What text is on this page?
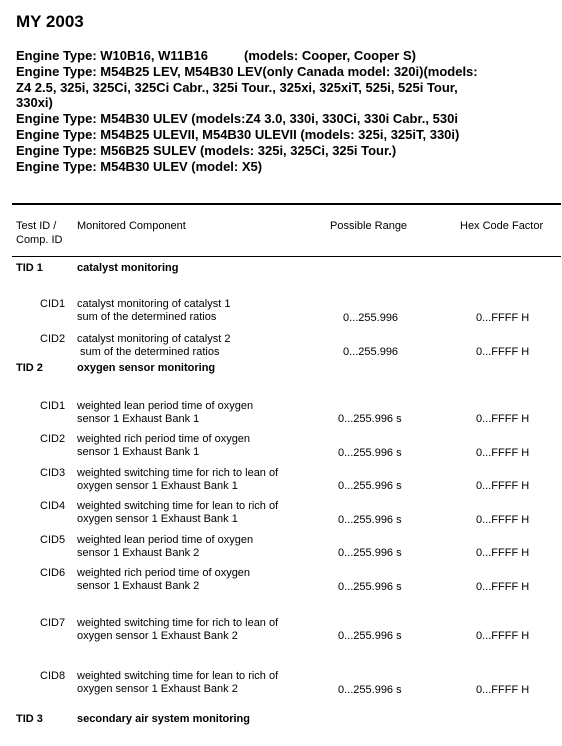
MY 2003
Engine Type: W10B16, W11B16          (models: Cooper, Cooper S)
Engine Type: M54B25 LEV, M54B30 LEV(only Canada model: 320i)(models:
Z4 2.5, 325i, 325Ci, 325Ci Cabr., 325i Tour., 325xi, 325xiT, 525i, 525i Tour,
330xi)
Engine Type: M54B30 ULEV (models:Z4 3.0, 330i, 330Ci, 330i Cabr., 530i
Engine Type: M54B25 ULEVII, M54B30 ULEVII (models: 325i, 325iT, 330i)
Engine Type: M56B25 SULEV (models: 325i, 325Ci, 325i Tour.)
Engine Type: M54B30 ULEV (model: X5)
Test ID /
Comp. ID
Monitored Component	Possible Range	Hex Code Factor
TID 1	catalyst monitoring
CID1 catalyst monitoring of catalyst 1
sum of the determined ratios	0...255.996	0...FFFF H
CID2 catalyst monitoring of catalyst 2
sum of the determined ratios	0...255.996	0...FFFF H
TID 2	oxygen sensor monitoring
CID1 weighted lean period time of oxygen
sensor 1 Exhaust Bank 1	0...255.996 s	0...FFFF H
CID2 weighted rich period time of oxygen
sensor 1 Exhaust Bank 1	0...255.996 s	0...FFFF H
CID3 weighted switching time for rich to lean of
oxygen sensor 1 Exhaust Bank 1	0...255.996 s	0...FFFF H
CID4 weighted switching time for lean to rich of
oxygen sensor 1 Exhaust Bank 1	0...255.996 s	0...FFFF H
CID5 weighted lean period time of oxygen
sensor 1 Exhaust Bank 2	0...255.996 s	0...FFFF H
CID6 weighted rich period time of oxygen
sensor 1 Exhaust Bank 2	0...255.996 s	0...FFFF H
CID7 weighted switching time for rich to lean of
oxygen sensor 1 Exhaust Bank 2	0...255.996 s	0...FFFF H
CID8 weighted switching time for lean to rich of
oxygen sensor 1 Exhaust Bank 2	0...255.996 s	0...FFFF H
TID 3	secondary air system monitoring
